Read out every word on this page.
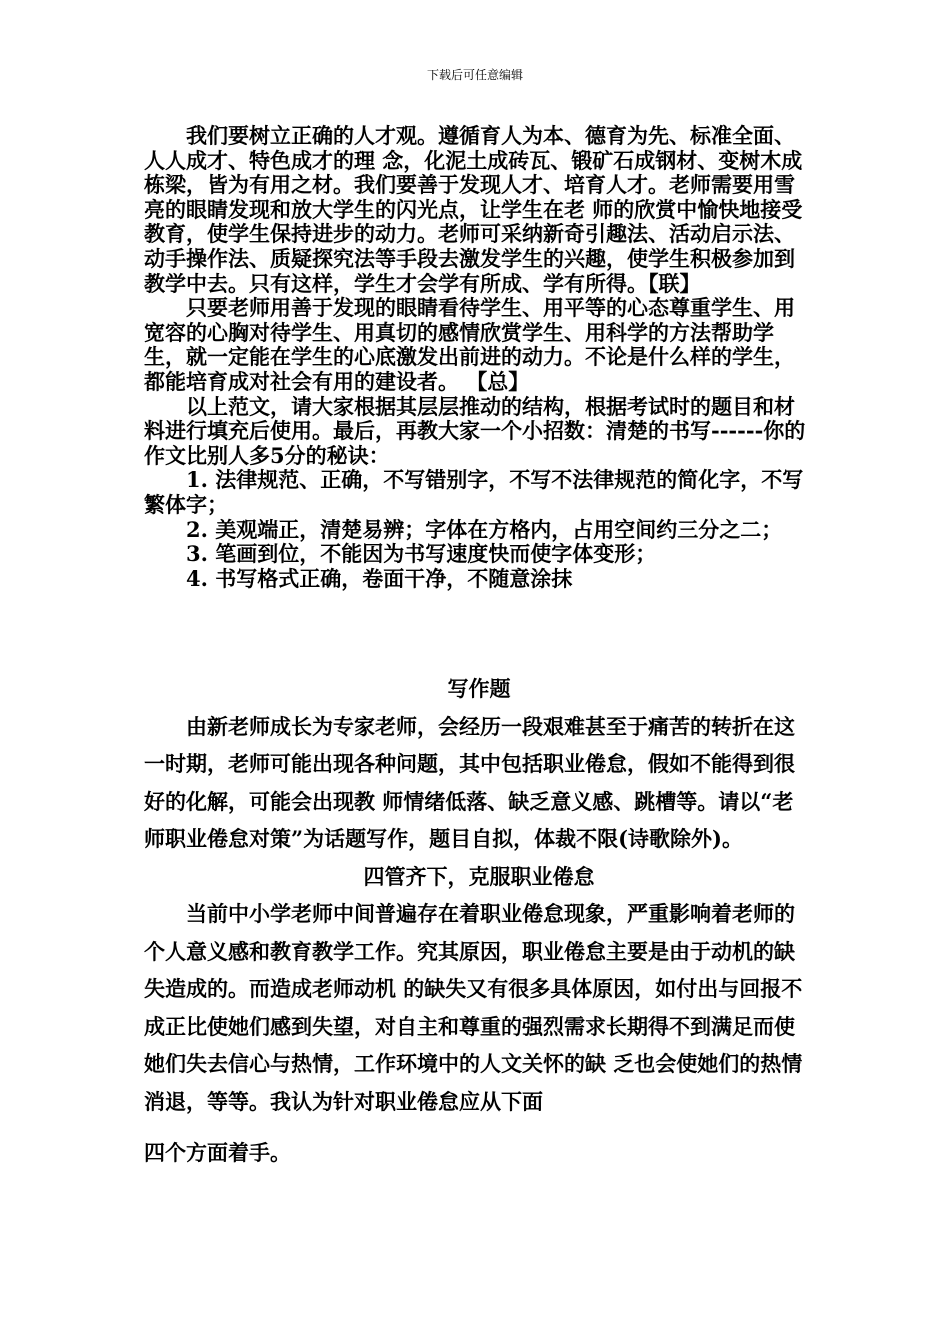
下载后可任意编辑

我们要树立正确的人才观。遵循育人为本、德育为先、标准全面、人人成才、特色成才的理 念，化泥土成砖瓦、锻矿石成钢材、变树木成栋梁，皆为有用之材。我们要善于发现人才、培育人才。老师需要用雪亮的眼睛发现和放大学生的闪光点，让学生在老 师的欣赏中愉快地接受教育，使学生保持进步的动力。老师可采纳新奇引趣法、活动启示法、动手操作法、质疑探究法等手段去激发学生的兴趣，使学生积极参加到 教学中去。只有这样，学生才会学有所成、学有所得。【联】

只要老师用善于发现的眼睛看待学生、用平等的心态尊重学生、用宽容的心胸对待学生、用真切的感情欣赏学生、用科学的方法帮助学生，就一定能在学生的心底激发出前进的动力。不论是什么样的学生，都能培育成对社会有用的建设者。 【总】

以上范文，请大家根据其层层推动的结构，根据考试时的题目和材料进行填充后使用。最后，再教大家一个小招数：清楚的书写------你的作文比别人多5分的秘诀：

1. 法律规范、正确，不写错别字，不写不法律规范的简化字，不写繁体字；

2. 美观端正，清楚易辨；字体在方格内，占用空间约三分之二；

3. 笔画到位，不能因为书写速度快而使字体变形；

4. 书写格式正确，卷面干净，不随意涂抹

写作题

由新老师成长为专家老师，会经历一段艰难甚至于痛苦的转折在这一时期，老师可能出现各种问题，其中包括职业倦怠，假如不能得到很好的化解，可能会出现教 师情绪低落、缺乏意义感、跳槽等。请以“老师职业倦怠对策”为话题写作，题目自拟，体裁不限(诗歌除外)。

四管齐下，克服职业倦怠

当前中小学老师中间普遍存在着职业倦怠现象，严重影响着老师的个人意义感和教育教学工作。究其原因，职业倦怠主要是由于动机的缺失造成的。而造成老师动机 的缺失又有很多具体原因，如付出与回报不成正比使她们感到失望，对自主和尊重的强烈需求长期得不到满足而使她们失去信心与热情，工作环境中的人文关怀的缺 乏也会使她们的热情消退，等等。我认为针对职业倦怠应从下面

四个方面着手。
